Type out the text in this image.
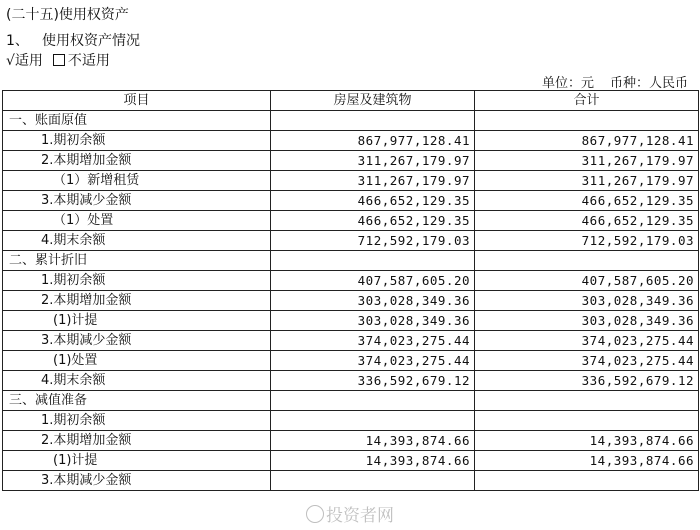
(二十五)使用权资产
1、 使用权资产情况
√适用 不适用
单位：元 币种：人民币
项目	房屋及建筑物	合计
一、账面原值		
1.期初余额	867,977,128.41	867,977,128.41
2.本期增加金额	311,267,179.97	311,267,179.97
（1）新增租赁	311,267,179.97	311,267,179.97
3.本期减少金额	466,652,129.35	466,652,129.35
（1）处置	466,652,129.35	466,652,129.35
4.期末余额	712,592,179.03	712,592,179.03
二、累计折旧		
1.期初余额	407,587,605.20	407,587,605.20
2.本期增加金额	303,028,349.36	303,028,349.36
(1)计提	303,028,349.36	303,028,349.36
3.本期减少金额	374,023,275.44	374,023,275.44
(1)处置	374,023,275.44	374,023,275.44
4.期末余额	336,592,679.12	336,592,679.12
三、减值准备		
1.期初余额		
2.本期增加金额	14,393,874.66	14,393,874.66
(1)计提	14,393,874.66	14,393,874.66
3.本期减少金额		
投资者网
